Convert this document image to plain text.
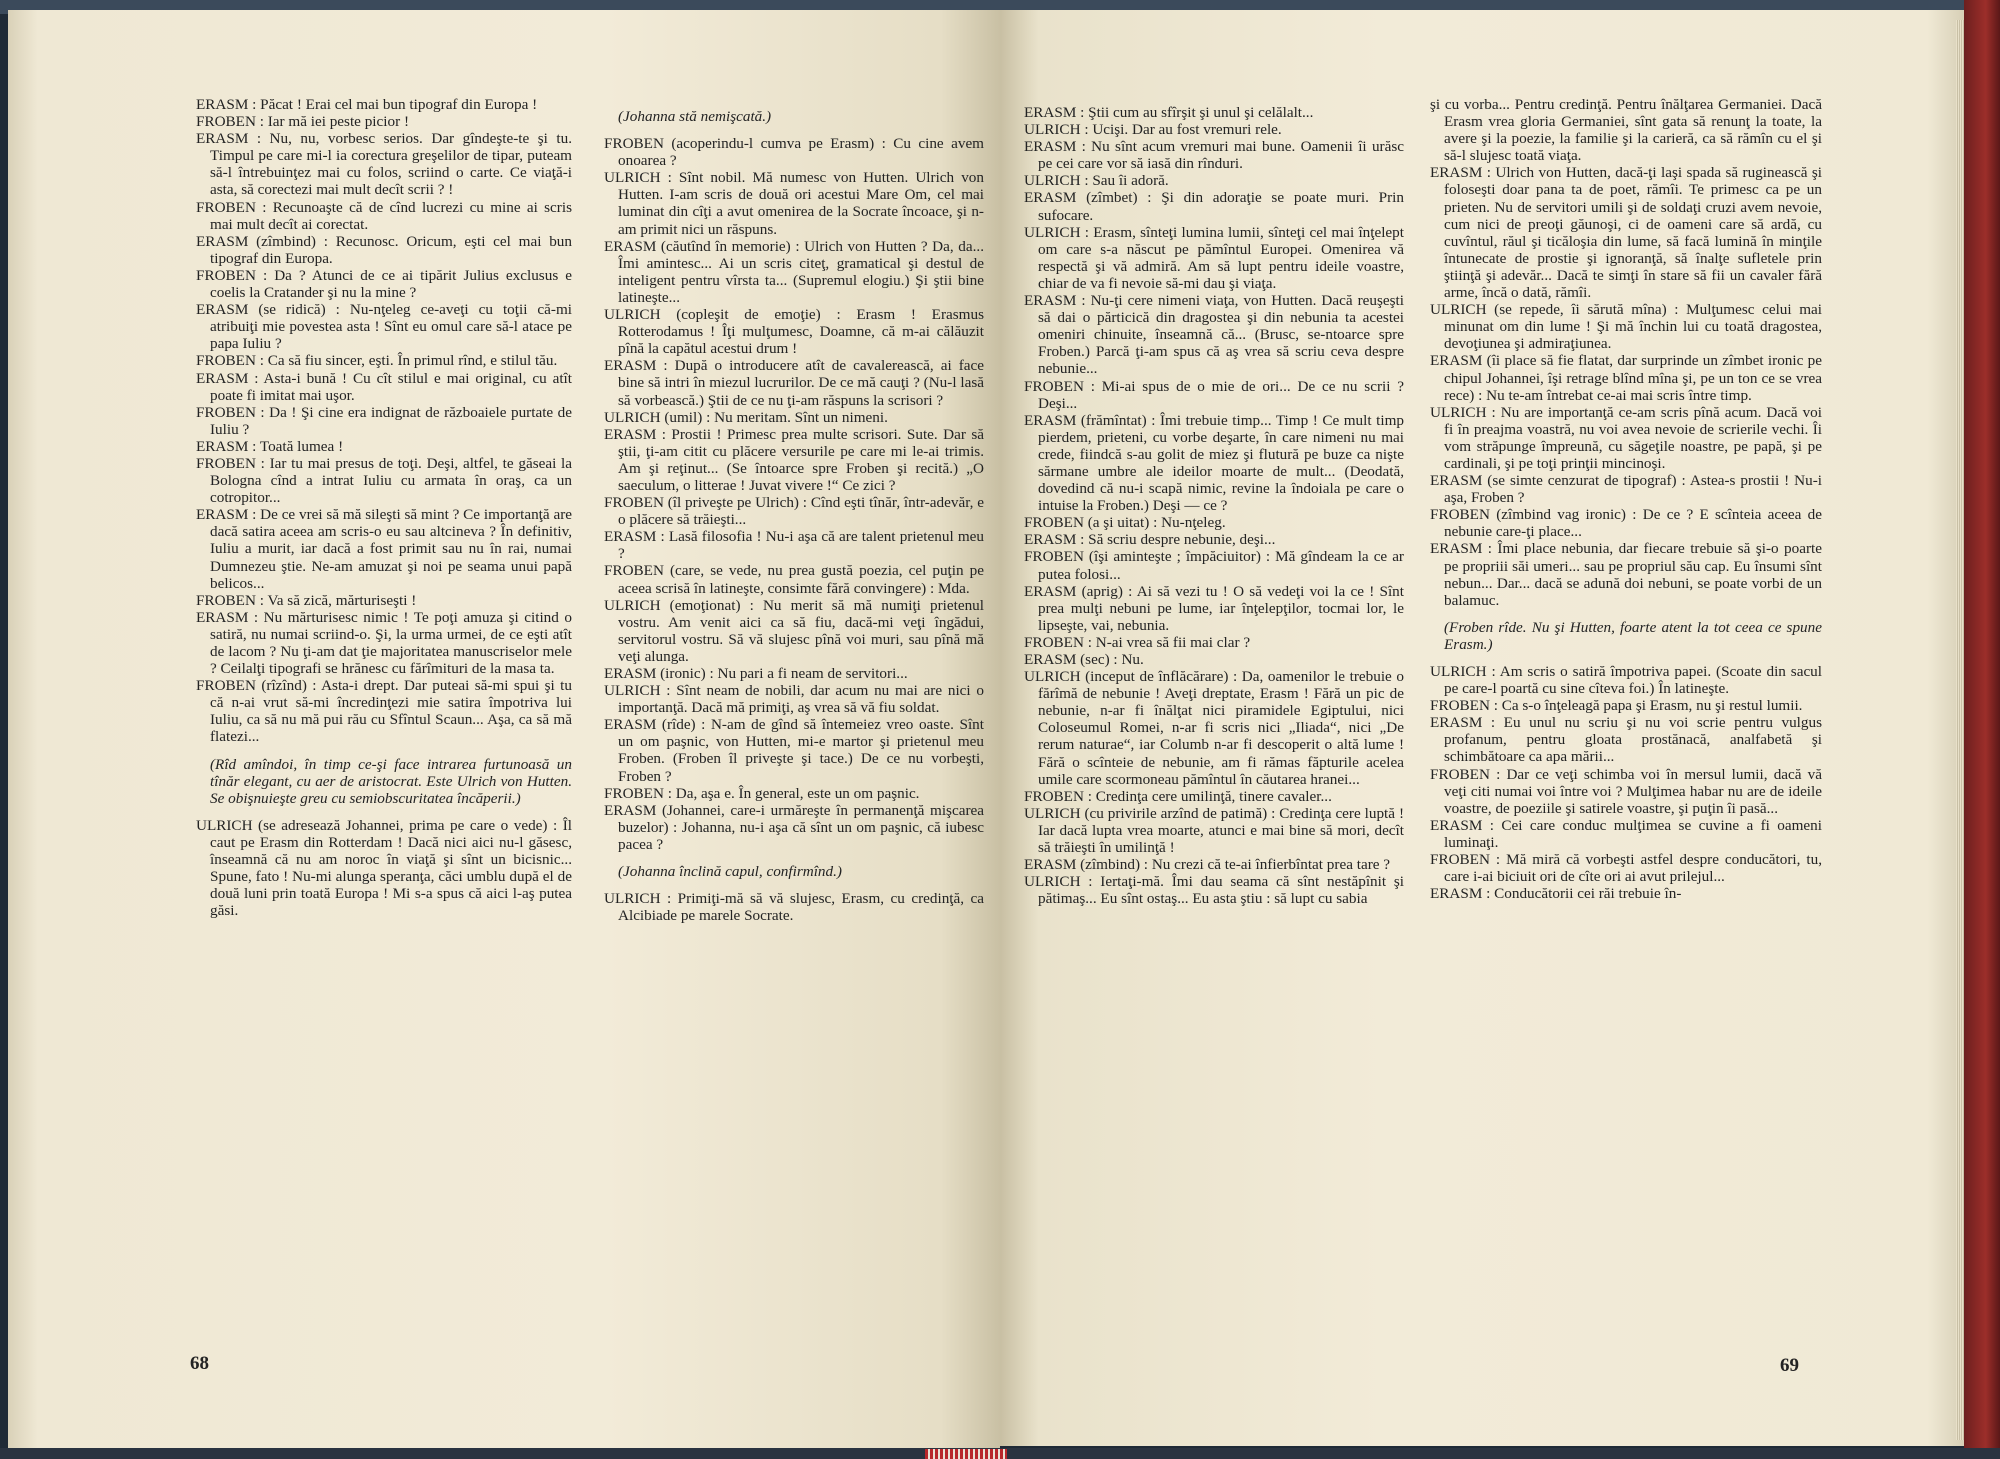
ERASM : Păcat ! Erai cel mai bun tipograf din Europa !

FROBEN : Iar mă iei peste picior !

ERASM : Nu, nu, vorbesc serios. Dar gîndeşte-te şi tu. Timpul pe care mi-l ia corectura greşelilor de tipar, puteam să-l întrebuinţez mai cu folos, scriind o carte. Ce viaţă-i asta, să corectezi mai mult decît scrii ? !

FROBEN : Recunoaşte că de cînd lucrezi cu mine ai scris mai mult decît ai corectat.

ERASM (zîmbind) : Recunosc. Oricum, eşti cel mai bun tipograf din Europa.

FROBEN : Da ? Atunci de ce ai tipărit Julius exclusus e coelis la Cratander şi nu la mine ?

ERASM (se ridică) : Nu-nţeleg ce-aveţi cu toţii că-mi atribuiţi mie povestea asta ! Sînt eu omul care să-l atace pe papa Iuliu ?

FROBEN : Ca să fiu sincer, eşti. În primul rînd, e stilul tău.

ERASM : Asta-i bună ! Cu cît stilul e mai original, cu atît poate fi imitat mai uşor.

FROBEN : Da ! Şi cine era indignat de războaiele purtate de Iuliu ?

ERASM : Toată lumea !

FROBEN : Iar tu mai presus de toţi. Deşi, altfel, te găseai la Bologna cînd a intrat Iuliu cu armata în oraş, ca un cotropitor...

ERASM : De ce vrei să mă sileşti să mint ? Ce importanţă are dacă satira aceea am scris-o eu sau altcineva ? În definitiv, Iuliu a murit, iar dacă a fost primit sau nu în rai, numai Dumnezeu ştie. Ne-am amuzat şi noi pe seama unui papă belicos...

FROBEN : Va să zică, mărturiseşti !

ERASM : Nu mărturisesc nimic ! Te poţi amuza şi citind o satiră, nu numai scriind-o. Şi, la urma urmei, de ce eşti atît de lacom ? Nu ţi-am dat ţie majoritatea manuscriselor mele ? Ceilalţi tipografi se hrănesc cu fărîmituri de la masa ta.

FROBEN (rîzînd) : Asta-i drept. Dar puteai să-mi spui şi tu că n-ai vrut să-mi încredinţezi mie satira împotriva lui Iuliu, ca să nu mă pui rău cu Sfîntul Scaun... Aşa, ca să mă flatezi...

(Rîd amîndoi, în timp ce-şi face intrarea furtunoasă un tînăr elegant, cu aer de aristocrat. Este Ulrich von Hutten. Se obişnuieşte greu cu semiobscuritatea încăperii.)

ULRICH (se adresează Johannei, prima pe care o vede) : Îl caut pe Erasm din Rotterdam ! Dacă nici aici nu-l găsesc, înseamnă că nu am noroc în viaţă şi sînt un bicisnic... Spune, fato ! Nu-mi alunga speranţa, căci umblu după el de două luni prin toată Europa ! Mi s-a spus că aici l-aş putea găsi.

(Johanna stă nemişcată.)

FROBEN (acoperindu-l cumva pe Erasm) : Cu cine avem onoarea ?

ULRICH : Sînt nobil. Mă numesc von Hutten. Ulrich von Hutten. I-am scris de două ori acestui Mare Om, cel mai luminat din cîţi a avut omenirea de la Socrate încoace, şi n-am primit nici un răspuns.

ERASM (căutînd în memorie) : Ulrich von Hutten ? Da, da... Îmi amintesc... Ai un scris citeţ, gramatical şi destul de inteligent pentru vîrsta ta... (Supremul elogiu.) Şi ştii bine latineşte...

ULRICH (copleşit de emoţie) : Erasm ! Erasmus Rotterodamus ! Îţi mulţumesc, Doamne, că m-ai călăuzit pînă la capătul acestui drum !

ERASM : După o introducere atît de cavalerească, ai face bine să intri în miezul lucrurilor. De ce mă cauţi ? (Nu-l lasă să vorbească.) Ştii de ce nu ţi-am răspuns la scrisori ?

ULRICH (umil) : Nu meritam. Sînt un nimeni.

ERASM : Prostii ! Primesc prea multe scrisori. Sute. Dar să ştii, ţi-am citit cu plăcere versurile pe care mi le-ai trimis. Am şi reţinut... (Se întoarce spre Froben şi recită.) „O saeculum, o litterae ! Juvat vivere !“ Ce zici ?

FROBEN (îl priveşte pe Ulrich) : Cînd eşti tînăr, într-adevăr, e o plăcere să trăieşti...

ERASM : Lasă filosofia ! Nu-i aşa că are talent prietenul meu ?

FROBEN (care, se vede, nu prea gustă poezia, cel puţin pe aceea scrisă în latineşte, consimte fără convingere) : Mda.

ULRICH (emoţionat) : Nu merit să mă numiţi prietenul vostru. Am venit aici ca să fiu, dacă-mi veţi îngădui, servitorul vostru. Să vă slujesc pînă voi muri, sau pînă mă veţi alunga.

ERASM (ironic) : Nu pari a fi neam de servitori...

ULRICH : Sînt neam de nobili, dar acum nu mai are nici o importanţă. Dacă mă primiţi, aş vrea să vă fiu soldat.

ERASM (rîde) : N-am de gînd să întemeiez vreo oaste. Sînt un om paşnic, von Hutten, mi-e martor şi prietenul meu Froben. (Froben îl priveşte şi tace.) De ce nu vorbeşti, Froben ?

FROBEN : Da, aşa e. În general, este un om paşnic.

ERASM (Johannei, care-i urmăreşte în permanenţă mişcarea buzelor) : Johanna, nu-i aşa că sînt un om paşnic, că iubesc pacea ?

(Johanna înclină capul, confirmînd.)

ULRICH : Primiţi-mă să vă slujesc, Erasm, cu credinţă, ca Alcibiade pe marele Socrate.

68

ERASM : Ştii cum au sfîrşit şi unul şi celălalt...

ULRICH : Ucişi. Dar au fost vremuri rele.

ERASM : Nu sînt acum vremuri mai bune. Oamenii îi urăsc pe cei care vor să iasă din rînduri.

ULRICH : Sau îi adoră.

ERASM (zîmbet) : Şi din adoraţie se poate muri. Prin sufocare.

ULRICH : Erasm, sînteţi lumina lumii, sînteţi cel mai înţelept om care s-a născut pe pămîntul Europei. Omenirea vă respectă şi vă admiră. Am să lupt pentru ideile voastre, chiar de va fi nevoie să-mi dau şi viaţa.

ERASM : Nu-ţi cere nimeni viaţa, von Hutten. Dacă reuşeşti să dai o părticică din dragostea şi din nebunia ta acestei omeniri chinuite, înseamnă că... (Brusc, se-ntoarce spre Froben.) Parcă ţi-am spus că aş vrea să scriu ceva despre nebunie...

FROBEN : Mi-ai spus de o mie de ori... De ce nu scrii ? Deşi...

ERASM (frămîntat) : Îmi trebuie timp... Timp ! Ce mult timp pierdem, prieteni, cu vorbe deşarte, în care nimeni nu mai crede, fiindcă s-au golit de miez şi flutură pe buze ca nişte sărmane umbre ale ideilor moarte de mult... (Deodată, dovedind că nu-i scapă nimic, revine la îndoiala pe care o intuise la Froben.) Deşi — ce ?

FROBEN (a şi uitat) : Nu-nţeleg.

ERASM : Să scriu despre nebunie, deşi...

FROBEN (îşi aminteşte ; împăciuitor) : Mă gîndeam la ce ar putea folosi...

ERASM (aprig) : Ai să vezi tu ! O să vedeţi voi la ce ! Sînt prea mulţi nebuni pe lume, iar înţelepţilor, tocmai lor, le lipseşte, vai, nebunia.

FROBEN : N-ai vrea să fii mai clar ?

ERASM (sec) : Nu.

ULRICH (inceput de înflăcărare) : Da, oamenilor le trebuie o fărîmă de nebunie ! Aveţi dreptate, Erasm ! Fără un pic de nebunie, n-ar fi înălţat nici piramidele Egiptului, nici Coloseumul Romei, n-ar fi scris nici „Iliada“, nici „De rerum naturae“, iar Columb n-ar fi descoperit o altă lume ! Fără o scînteie de nebunie, am fi rămas făpturile acelea umile care scormoneau pămîntul în căutarea hranei...

FROBEN : Credinţa cere umilinţă, tinere cavaler...

ULRICH (cu privirile arzînd de patimă) : Credinţa cere luptă ! Iar dacă lupta vrea moarte, atunci e mai bine să mori, decît să trăieşti în umilinţă !

ERASM (zîmbind) : Nu crezi că te-ai înfierbîntat prea tare ?

ULRICH : Iertaţi-mă. Îmi dau seama că sînt nestăpînit şi pătimaş... Eu sînt ostaş... Eu asta ştiu : să lupt cu sabia

şi cu vorba... Pentru credinţă. Pentru înălţarea Germaniei. Dacă Erasm vrea gloria Germaniei, sînt gata să renunţ la toate, la avere şi la poezie, la familie şi la carieră, ca să rămîn cu el şi să-l slujesc toată viaţa.

ERASM : Ulrich von Hutten, dacă-ţi laşi spada să ruginească şi foloseşti doar pana ta de poet, rămîi. Te primesc ca pe un prieten. Nu de servitori umili şi de soldaţi cruzi avem nevoie, cum nici de preoţi găunoşi, ci de oameni care să ardă, cu cuvîntul, răul şi ticăloşia din lume, să facă lumină în minţile întunecate de prostie şi ignoranţă, să înalţe sufletele prin ştiinţă şi adevăr... Dacă te simţi în stare să fii un cavaler fără arme, încă o dată, rămîi.

ULRICH (se repede, îi sărută mîna) : Mulţumesc celui mai minunat om din lume ! Şi mă închin lui cu toată dragostea, devoţiunea şi admiraţiunea.

ERASM (îi place să fie flatat, dar surprinde un zîmbet ironic pe chipul Johannei, îşi retrage blînd mîna şi, pe un ton ce se vrea rece) : Nu te-am întrebat ce-ai mai scris între timp.

ULRICH : Nu are importanţă ce-am scris pînă acum. Dacă voi fi în preajma voastră, nu voi avea nevoie de scrierile vechi. Îi vom străpunge împreună, cu săgeţile noastre, pe papă, şi pe cardinali, şi pe toţi prinţii mincinoşi.

ERASM (se simte cenzurat de tipograf) : Astea-s prostii ! Nu-i aşa, Froben ?

FROBEN (zîmbind vag ironic) : De ce ? E scînteia aceea de nebunie care-ţi place...

ERASM : Îmi place nebunia, dar fiecare trebuie să şi-o poarte pe propriii săi umeri... sau pe propriul său cap. Eu însumi sînt nebun... Dar... dacă se adună doi nebuni, se poate vorbi de un balamuc.

(Froben rîde. Nu şi Hutten, foarte atent la tot ceea ce spune Erasm.)

ULRICH : Am scris o satiră împotriva papei. (Scoate din sacul pe care-l poartă cu sine cîteva foi.) În latineşte.

FROBEN : Ca s-o înţeleagă papa şi Erasm, nu şi restul lumii.

ERASM : Eu unul nu scriu şi nu voi scrie pentru vulgus profanum, pentru gloata prostănacă, analfabetă şi schimbătoare ca apa mării...

FROBEN : Dar ce veţi schimba voi în mersul lumii, dacă vă veţi citi numai voi între voi ? Mulţimea habar nu are de ideile voastre, de poeziile şi satirele voastre, şi puţin îi pasă...

ERASM : Cei care conduc mulţimea se cuvine a fi oameni luminaţi.

FROBEN : Mă miră că vorbeşti astfel despre conducători, tu, care i-ai biciuit ori de cîte ori ai avut prilejul...

ERASM : Conducătorii cei răi trebuie în-

69
